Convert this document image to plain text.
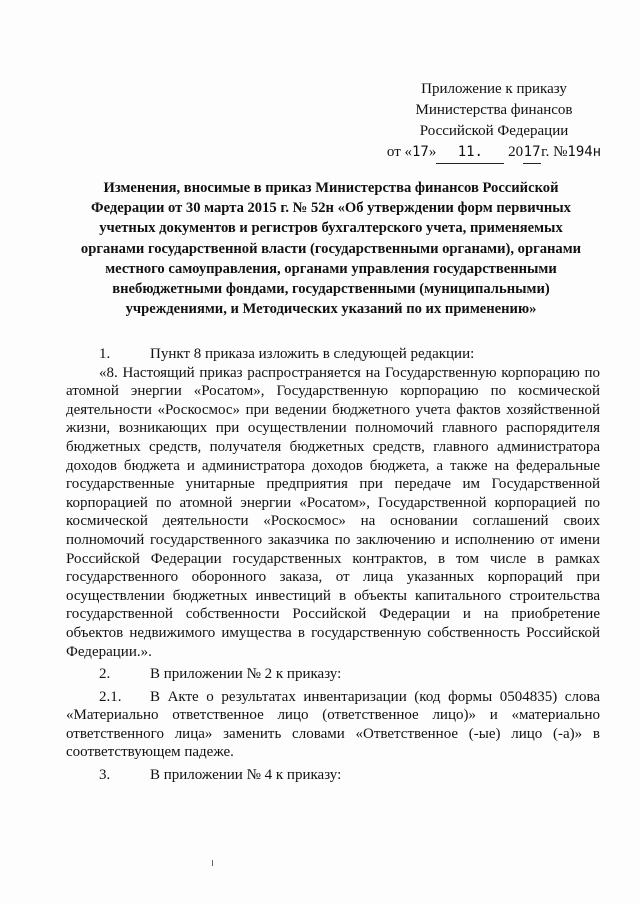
Приложение к приказу
Министерства финансов
Российской Федерации
от «17» 11. 2017г. №194н
Изменения, вносимые в приказ Министерства финансов Российской
Федерации от 30 марта 2015 г. № 52н «Об утверждении форм первичных
учетных документов и регистров бухгалтерского учета, применяемых
органами государственной власти (государственными органами), органами
местного самоуправления, органами управления государственными
внебюджетными фондами, государственными (муниципальными)
учреждениями, и Методических указаний по их применению»
1.	Пункт 8 приказа изложить в следующей редакции:
«8. Настоящий приказ распространяется на Государственную корпорацию по
атомной энергии «Росатом», Государственную корпорацию по космической
деятельности «Роскосмос» при ведении бюджетного учета фактов хозяйственной
жизни, возникающих при осуществлении полномочий главного распорядителя
бюджетных средств, получателя бюджетных средств, главного администратора
доходов бюджета и администратора доходов бюджета, а также на федеральные
государственные унитарные предприятия при передаче им Государственной
корпорацией по атомной энергии «Росатом», Государственной корпорацией по
космической деятельности «Роскосмос» на основании соглашений своих
полномочий государственного заказчика по заключению и исполнению от имени
Российской Федерации государственных контрактов, в том числе в рамках
государственного оборонного заказа, от лица указанных корпораций при
осуществлении бюджетных инвестиций в объекты капитального строительства
государственной собственности Российской Федерации и на приобретение
объектов недвижимого имущества в государственную собственность Российской
Федерации.».
2.	В приложении № 2 к приказу:
2.1. В Акте о результатах инвентаризации (код формы 0504835) слова
«Материально ответственное лицо (ответственное лицо)» и «материально
ответственного лица» заменить словами «Ответственное (-ые) лицо (-а)» в
соответствующем падеже.
3.	В приложении № 4 к приказу:
